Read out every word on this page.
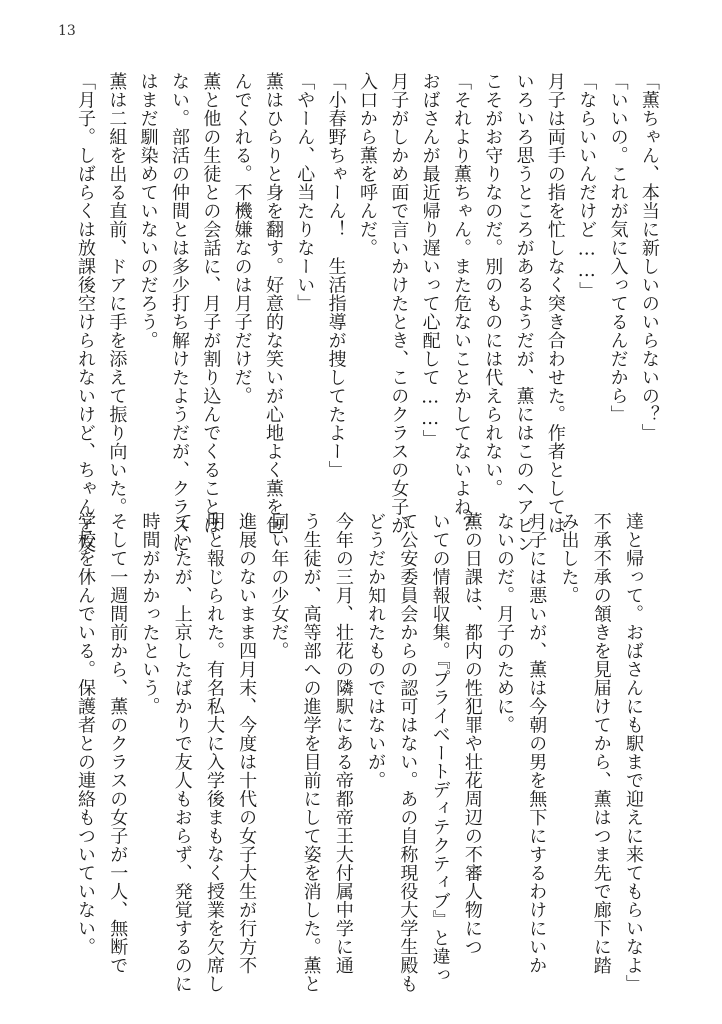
13
「薫ちゃん、本当に新しいのいらないの？」
「いいの。これが気に入ってるんだから」
「ならいいんだけど……」
月子は両手の指を忙しなく突き合わせた。作者としては
いろいろ思うところがあるようだが、薫にはこのヘアピン
こそがお守りなのだ。別のものには代えられない。
「それより薫ちゃん。また危ないことかしてないよね？
おばさんが最近帰り遅いって心配して……」
月子がしかめ面で言いかけたとき、このクラスの女子が
入口から薫を呼んだ。
「小春野ちゃーん！　生活指導が捜してたよー」
「やーん、心当たりなーい」
薫はひらりと身を翻す。好意的な笑いが心地よく薫を包
んでくれる。不機嫌なのは月子だけだ。
薫と他の生徒との会話に、月子が割り込んでくることは
ない。部活の仲間とは多少打ち解けたようだが、クラスに
はまだ馴染めていないのだろう。
薫は二組を出る直前、ドアに手を添えて振り向いた。
「月子。しばらくは放課後空けられないけど、ちゃんと友
達と帰って。おばさんにも駅まで迎えに来てもらいなよ」
不承不承の頷きを見届けてから、薫はつま先で廊下に踏
み出した。
月子には悪いが、薫は今朝の男を無下にするわけにいか
ないのだ。月子のために。
薫の日課は、都内の性犯罪や壮花周辺の不審人物につ
いての情報収集。『プライベートディテクティブ』と違っ
て公安委員会からの認可はない。あの自称現役大学生殿も
どうだか知れたものではないが。
今年の三月、壮花の隣駅にある帝都帝王大付属中学に通
う生徒が、高等部への進学を目前にして姿を消した。薫と
同い年の少女だ。
進展のないまま四月末、今度は十代の女子大生が行方不
明と報じられた。有名私大に入学後まもなく授業を欠席し
ていたが、上京したばかりで友人もおらず、発覚するのに
時間がかかったという。
そして一週間前から、薫のクラスの女子が一人、無断で
学校を休んでいる。保護者との連絡もついていない。
